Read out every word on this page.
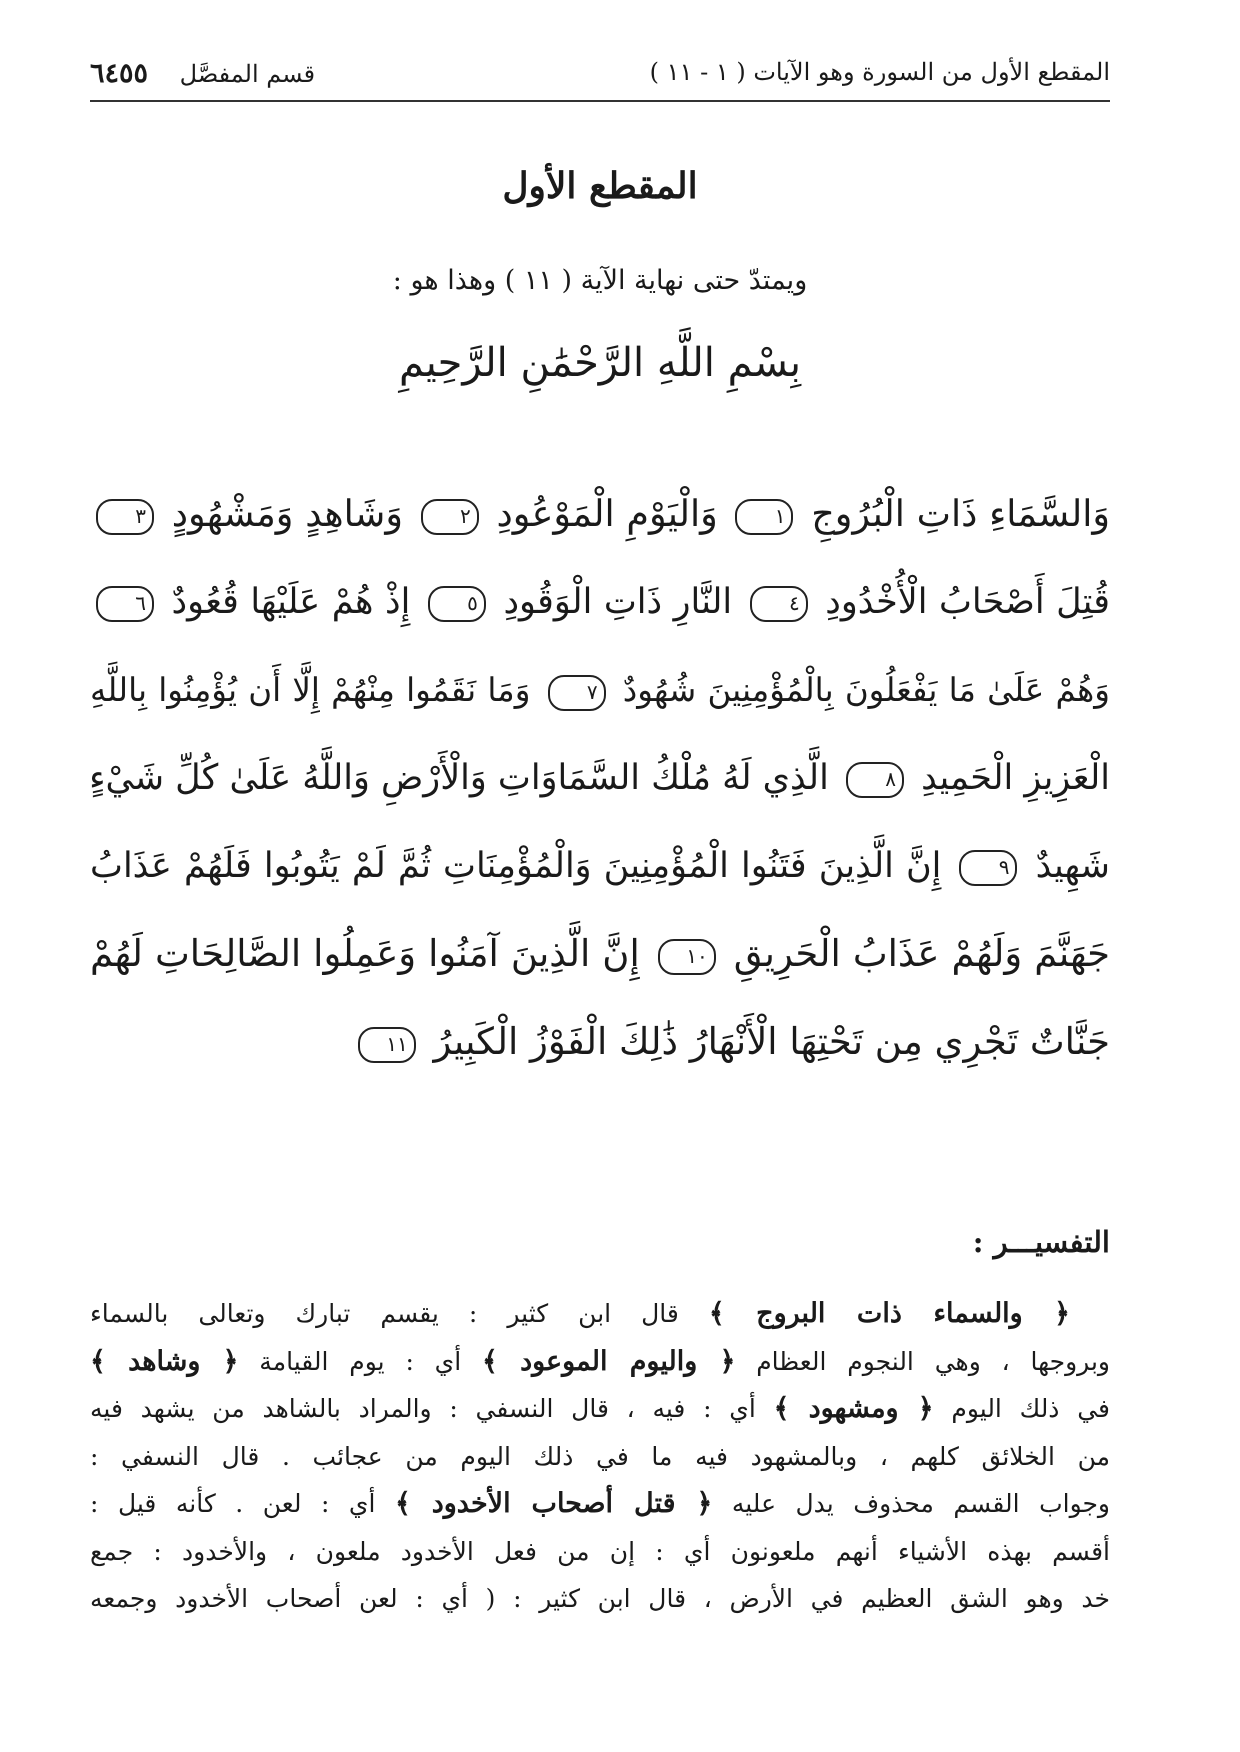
المقطع الأول من السورة وهو الآيات ( ١ - ١١ )
قسم المفصَّل ٦٤٥٥
المقطع الأول
ويمتدّ حتى نهاية الآية ( ١١ ) وهذا هو :
بِسْمِ اللَّهِ الرَّحْمَٰنِ الرَّحِيمِ
وَالسَّمَاءِ ذَاتِ الْبُرُوجِ ١ وَالْيَوْمِ الْمَوْعُودِ ٢ وَشَاهِدٍ وَمَشْهُودٍ ٣
قُتِلَ أَصْحَابُ الْأُخْدُودِ ٤ النَّارِ ذَاتِ الْوَقُودِ ٥ إِذْ هُمْ عَلَيْهَا قُعُودٌ ٦
وَهُمْ عَلَىٰ مَا يَفْعَلُونَ بِالْمُؤْمِنِينَ شُهُودٌ ٧ وَمَا نَقَمُوا مِنْهُمْ إِلَّا أَن يُؤْمِنُوا بِاللَّهِ
الْعَزِيزِ الْحَمِيدِ ٨ الَّذِي لَهُ مُلْكُ السَّمَاوَاتِ وَالْأَرْضِ وَاللَّهُ عَلَىٰ كُلِّ شَيْءٍ
شَهِيدٌ ٩ إِنَّ الَّذِينَ فَتَنُوا الْمُؤْمِنِينَ وَالْمُؤْمِنَاتِ ثُمَّ لَمْ يَتُوبُوا فَلَهُمْ عَذَابُ
جَهَنَّمَ وَلَهُمْ عَذَابُ الْحَرِيقِ ١٠ إِنَّ الَّذِينَ آمَنُوا وَعَمِلُوا الصَّالِحَاتِ لَهُمْ
جَنَّاتٌ تَجْرِي مِن تَحْتِهَا الْأَنْهَارُ ذَٰلِكَ الْفَوْزُ الْكَبِيرُ ١١
التفسيـــر :
﴿ والسماء ذات البروج ﴾ قال ابن كثير : يقسم تبارك وتعالى بالسماء
وبروجها ، وهي النجوم العظام ﴿ واليوم الموعود ﴾ أي : يوم القيامة ﴿ وشاهد ﴾
في ذلك اليوم ﴿ ومشهود ﴾ أي : فيه ، قال النسفي : والمراد بالشاهد من يشهد فيه
من الخلائق كلهم ، وبالمشهود فيه ما في ذلك اليوم من عجائب . قال النسفي :
وجواب القسم محذوف يدل عليه ﴿ قتل أصحاب الأخدود ﴾ أي : لعن . كأنه قيل :
أقسم بهذه الأشياء أنهم ملعونون أي : إن من فعل الأخدود ملعون ، والأخدود : جمع
خد وهو الشق العظيم في الأرض ، قال ابن كثير : ( أي : لعن أصحاب الأخدود وجمعه
